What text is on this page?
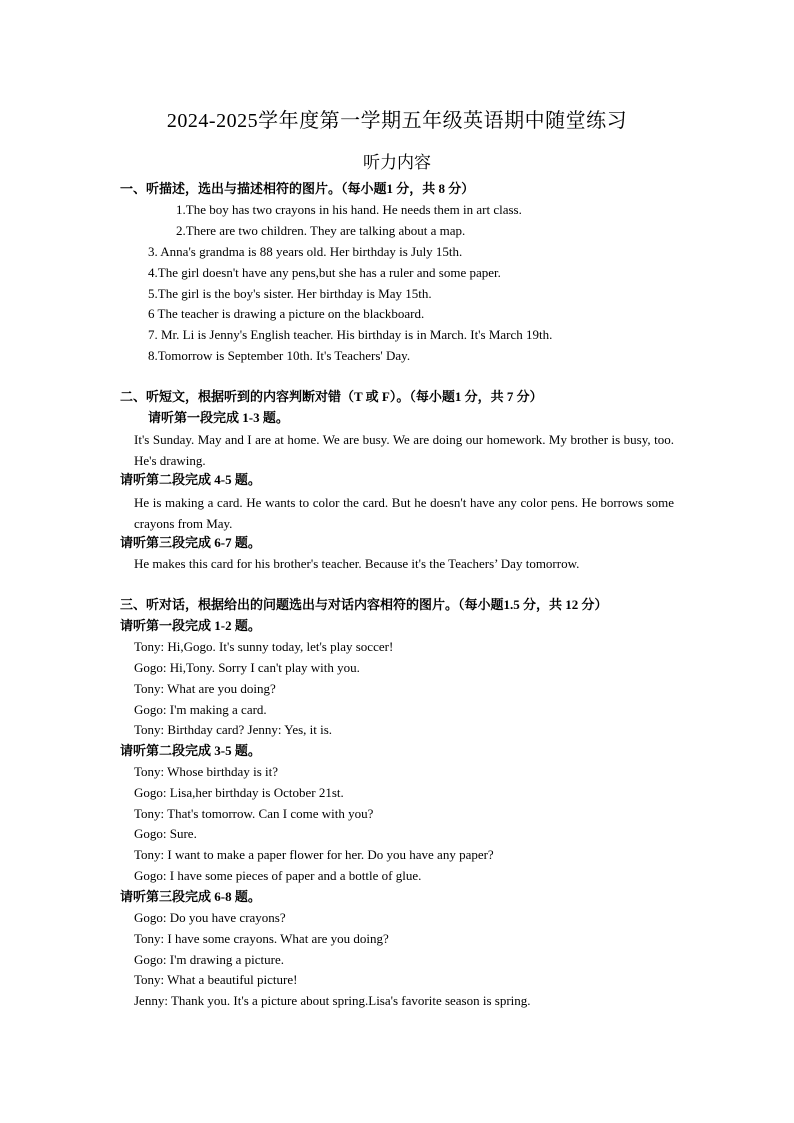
2024-2025学年度第一学期五年级英语期中随堂练习
听力内容
一、听描述，选出与描述相符的图片。（每小题1 分，共 8 分）
1.The boy has two crayons in his hand. He needs them in art class.
2.There are two children. They are talking about a map.
3. Anna's grandma is 88 years old. Her birthday is July 15th.
4.The girl doesn't have any pens,but she has a ruler and some paper.
5.The girl is the boy's sister. Her birthday is May 15th.
6 The teacher is drawing a picture on the blackboard.
7. Mr. Li is Jenny's English teacher. His birthday is in March. It's March 19th.
8.Tomorrow is September 10th. It's Teachers' Day.
二、听短文，根据听到的内容判断对错（T 或 F）。（每小题1 分，共 7 分）
请听第一段完成 1-3 题。
It's Sunday. May and I are at home. We are busy. We are doing our homework. My brother is busy, too. He's drawing.
请听第二段完成 4-5 题。
He is making a card. He wants to color the card. But he doesn't have any color pens. He borrows some crayons from May.
请听第三段完成 6-7 题。
He makes this card for his brother's teacher. Because it's the Teachers’ Day tomorrow.
三、听对话，根据给出的问题选出与对话内容相符的图片。（每小题1.5 分，共 12 分）
请听第一段完成 1-2 题。
Tony: Hi,Gogo. It's sunny today, let's play soccer!
Gogo: Hi,Tony. Sorry I can't play with you.
Tony: What are you doing?
Gogo: I'm making a card.
Tony: Birthday card? Jenny: Yes, it is.
请听第二段完成 3-5 题。
Tony: Whose birthday is it?
Gogo: Lisa,her birthday is October 21st.
Tony: That's tomorrow. Can I come with you?
Gogo: Sure.
Tony: I want to make a paper flower for her. Do you have any paper?
Gogo: I have some pieces of paper and a bottle of glue.
请听第三段完成 6-8 题。
Gogo: Do you have crayons?
Tony: I have some crayons. What are you doing?
Gogo: I'm drawing a picture.
Tony: What a beautiful picture!
Jenny: Thank you. It's a picture about spring.Lisa's favorite season is spring.
